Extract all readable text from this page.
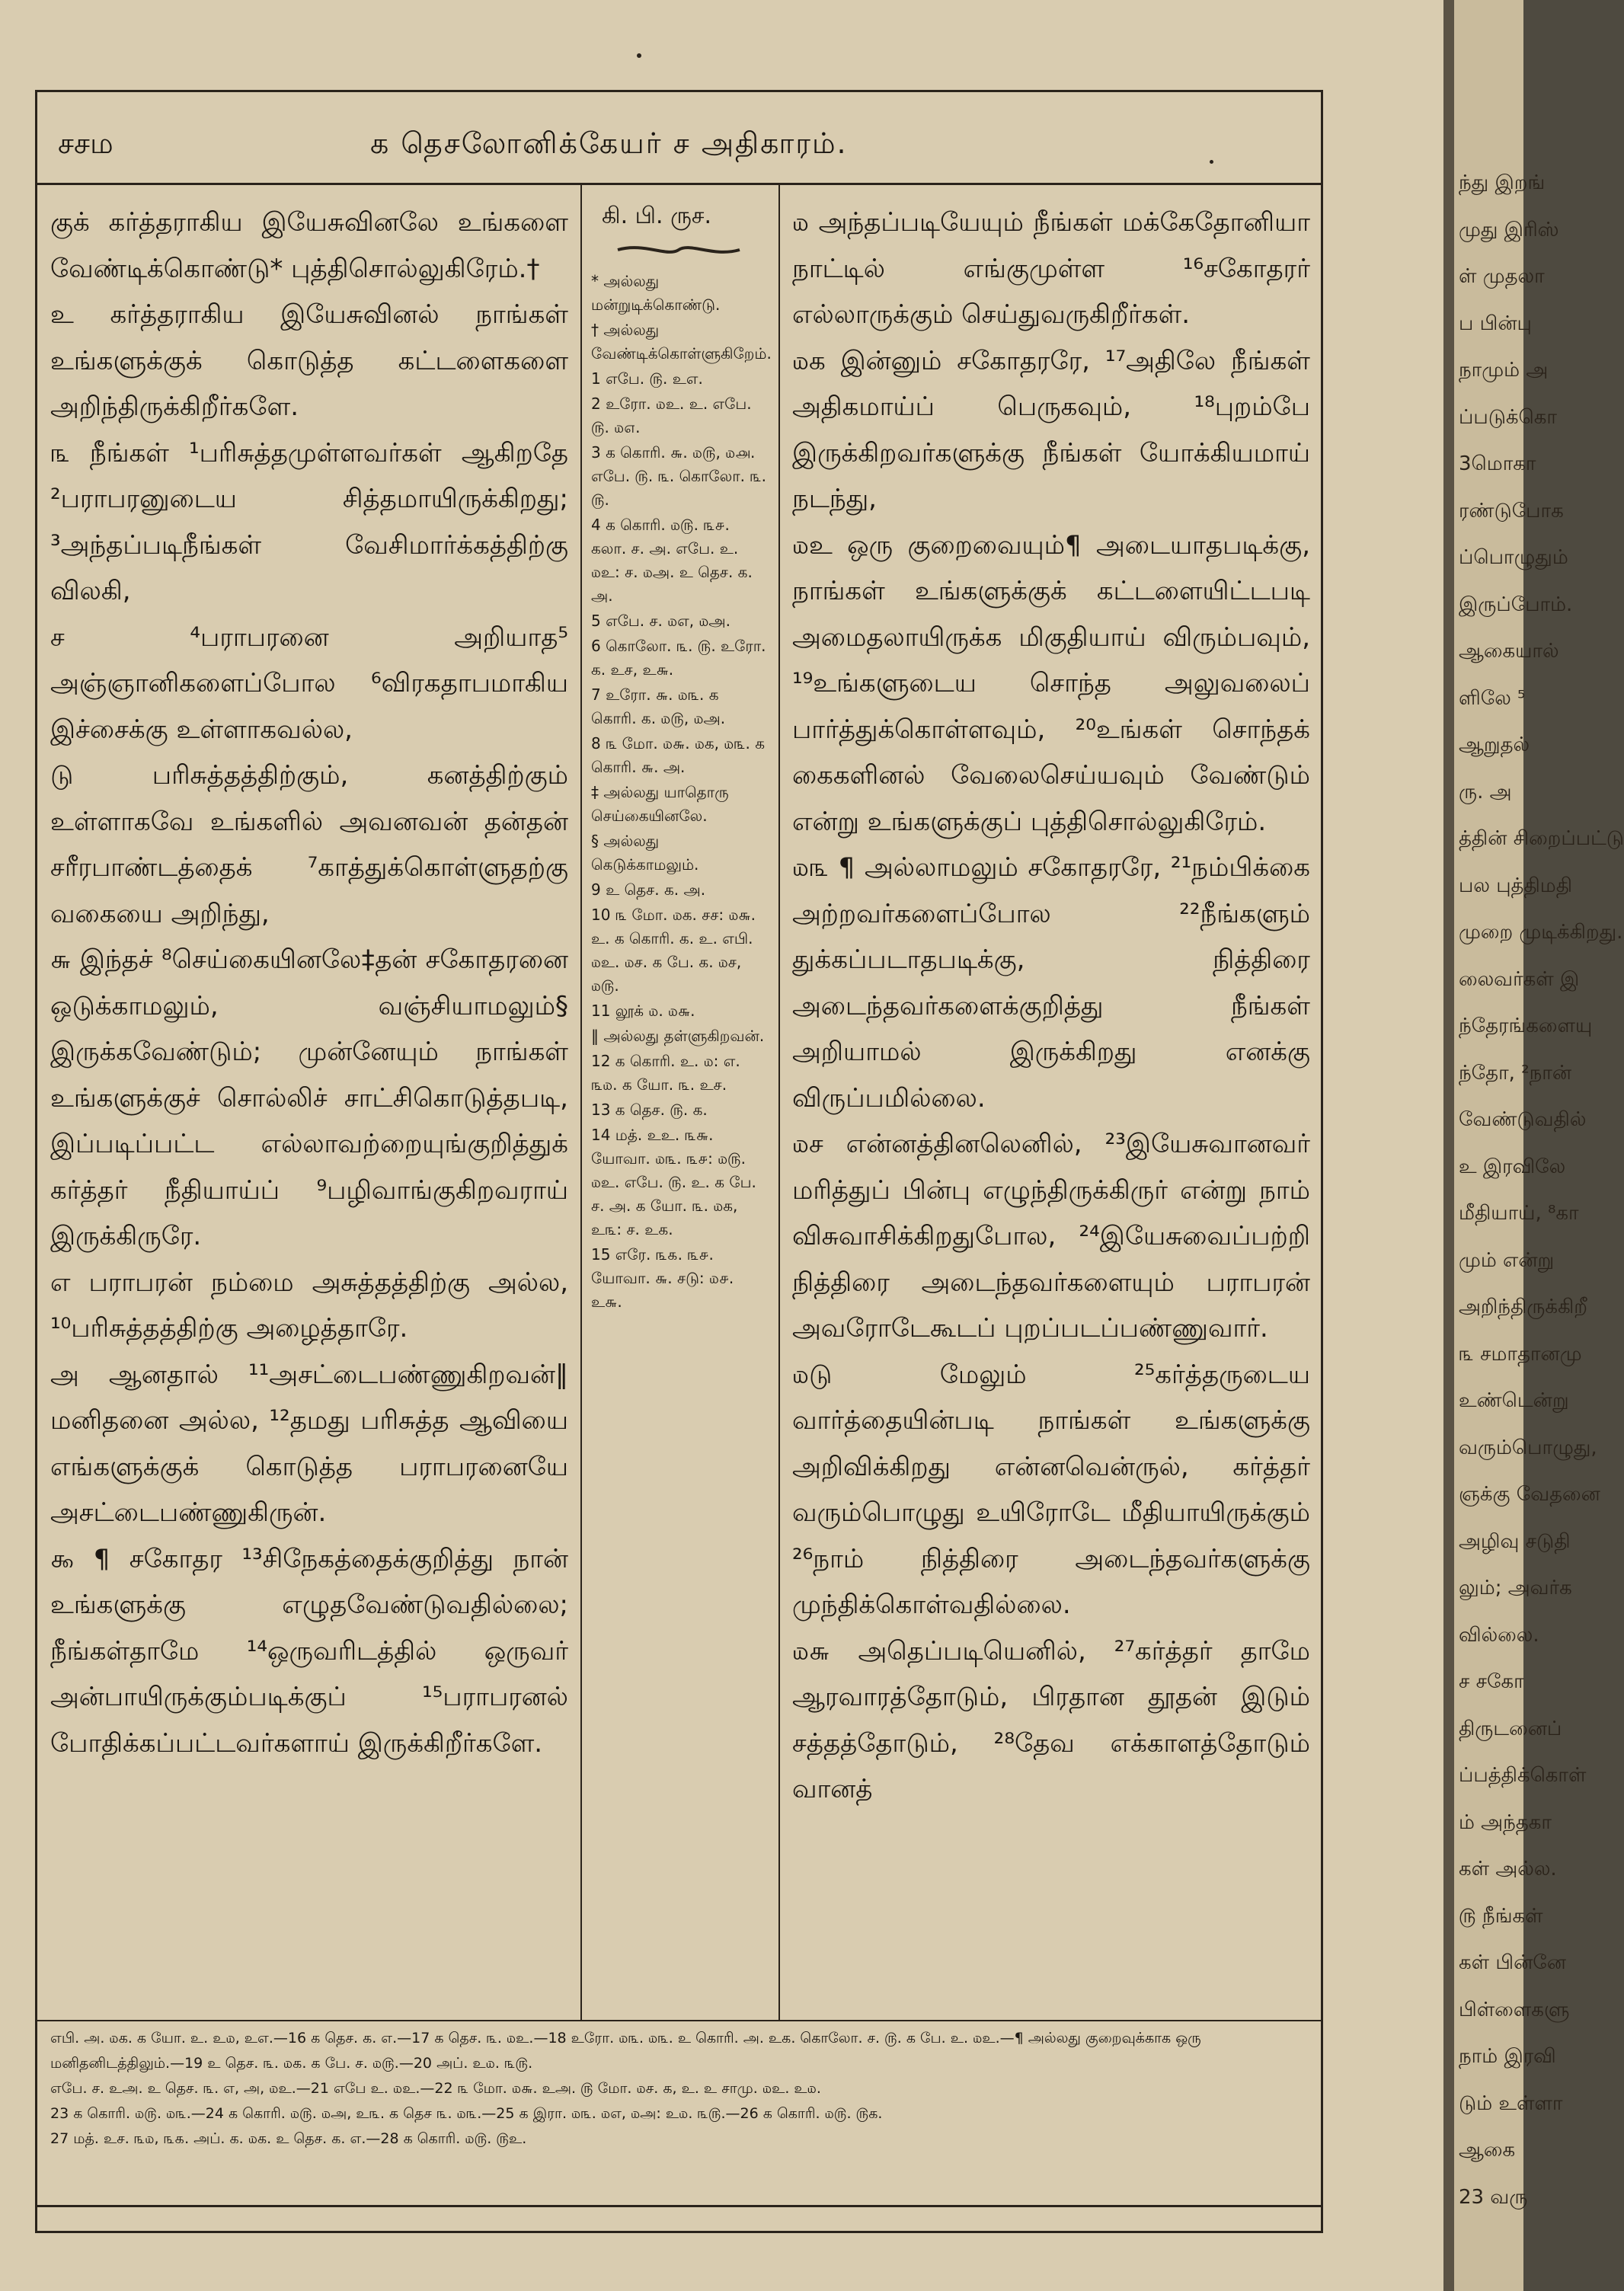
சசம	க தெசலோனிக்கேயர் ச அதிகாரம்.

குக் கர்த்தராகிய இயேசுவினலே உங்களை வேண்டிக்கொண்டு* புத்திசொல்லுகிரேம்.†

உ கர்த்தராகிய இயேசுவினல் நாங்கள் உங்களுக்குக் கொடுத்த கட்டளைகளை அறிந்திருக்கிறீர்களே.

௩ நீங்கள் ¹பரிசுத்தமுள்ளவர்கள் ஆகிறதே ²பராபரனுடைய சித்தமாயிருக்கிறது; ³அந்தப்படிநீங்கள் வேசிமார்க்கத்திற்கு விலகி,

ச ⁴பராபரனை அறியாத⁵ அஞ்ஞானிகளைப்போல ⁶விரகதாபமாகிய இச்சைக்கு உள்ளாகவல்ல,

டு பரிசுத்தத்திற்கும், கனத்திற்கும் உள்ளாகவே உங்களில் அவனவன் தன்தன் சரீரபாண்டத்தைக் ⁷காத்துக்கொள்ளுதற்கு வகையை அறிந்து,

௬ இந்தச் ⁸செய்கையினலே‡தன் சகோதரனை ஒடுக்காமலும், வஞ்சியாமலும்§ இருக்கவேண்டும்; முன்னேயும் நாங்கள் உங்களுக்குச் சொல்லிச் சாட்சிகொடுத்தபடி, இப்படிப்பட்ட எல்லாவற்றையுங்குறித்துக் கர்த்தர் நீதியாய்ப் ⁹பழிவாங்குகிறவராய் இருக்கிருரே.

எ பராபரன் நம்மை அசுத்தத்திற்கு அல்ல, ¹⁰பரிசுத்தத்திற்கு அழைத்தாரே.

அ ஆனதால் ¹¹அசட்டைபண்ணுகிறவன்‖ மனிதனை அல்ல, ¹²தமது பரிசுத்த ஆவியை எங்களுக்குக் கொடுத்த பராபரனையே அசட்டைபண்ணுகிருன்.

௯ ¶ சகோதர ¹³சிநேகத்தைக்குறித்து நான் உங்களுக்கு எழுதவேண்டுவதில்லை; நீங்கள்தாமே ¹⁴ஒருவரிடத்தில் ஒருவர் அன்பாயிருக்கும்படிக்குப் ¹⁵பராபரனல் போதிக்கப்பட்டவர்களாய் இருக்கிறீர்களே.

கி. பி. ருச.

* அல்லது மன்றுடிக்கொண்டு.

† அல்லது வேண்டிக்கொள்ளுகிறேம்.

1 எபே. ௫. உஎ.

2 உரோ. ௰உ. உ. எபே. ௫. ௰௭.

3 க கொரி. ௬. ௰௫, ௰௮. எபே. ௫. ௩. கொலோ. ௩. ௫.

4 க கொரி. ௰௫. ௩௪. கலா. ச. அ. எபே. உ. ௰உ: ச. ௰அ. உ தெச. க. அ.

5 எபே. ச. ௰எ, ௰அ.

6 கொலோ. ௩. ௫. உரோ. க. உச, உ௬.

7 உரோ. ௬. ௰௩. க கொரி. க. ௰௫, ௰அ.

8 ௩ மோ. ௰௬. ௰க, ௰௩. க கொரி. ௬. அ.

‡ அல்லது யாதொரு செய்கையினலே.

§ அல்லது கெடுக்காமலும்.

9 உ தெச. க. அ.

10 ௩ மோ. ௰க. சச: ௰௬. உ. க கொரி. க. உ. எபி. ௰உ. ௰ச. க பே. க. ௰ச, ௰௫.

11 லூக் ௰. ௰௬.

‖ அல்லது தள்ளுகிறவன்.

12 க கொரி. உ. ௰: எ. ௩௰. க யோ. ௩. உச.

13 க தெச. ௫. க.

14 மத். உஉ. ௩௬. யோவா. ௰௩. ௩௪: ௰௫. ௰உ. எபே. ௫. உ. க பே. ச. அ. க யோ. ௩. ௰க, உ௩: ச. உக.

15 எரே. ௩௧. ௩௪. யோவா. ௬. சடு: ௰௪. உ௬.

௰ அந்தப்படியேயும் நீங்கள் மக்கேதோனியா நாட்டில் எங்குமுள்ள ¹⁶சகோதரர் எல்லாருக்கும் செய்துவருகிறீர்கள்.

௰க இன்னும் சகோதரரே, ¹⁷அதிலே நீங்கள் அதிகமாய்ப் பெருகவும், ¹⁸புறம்பே இருக்கிறவர்களுக்கு நீங்கள் யோக்கியமாய் நடந்து,

௰உ ஒரு குறைவையும்¶ அடையாதபடிக்கு, நாங்கள் உங்களுக்குக் கட்டளையிட்டபடி அமைதலாயிருக்க மிகுதியாய் விரும்பவும், ¹⁹உங்களுடைய சொந்த அலுவலைப் பார்த்துக்கொள்ளவும், ²⁰உங்கள் சொந்தக் கைகளினல் வேலைசெய்யவும் வேண்டும் என்று உங்களுக்குப் புத்திசொல்லுகிரேம்.

௰௩ ¶ அல்லாமலும் சகோதரரே, ²¹நம்பிக்கை அற்றவர்களைப்போல ²²நீங்களும் துக்கப்படாதபடிக்கு, நித்திரை அடைந்தவர்களைக்குறித்து நீங்கள் அறியாமல் இருக்கிறது எனக்கு விருப்பமில்லை.

௰ச என்னத்தினலெனில், ²³இயேசுவானவர் மரித்துப் பின்பு எழுந்திருக்கிருர் என்று நாம் விசுவாசிக்கிறதுபோல, ²⁴இயேசுவைப்பற்றி நித்திரை அடைந்தவர்களையும் பராபரன் அவரோடேகூடப் புறப்படப்பண்ணுவார்.

௰டு மேலும் ²⁵கர்த்தருடைய வார்த்தையின்படி நாங்கள் உங்களுக்கு அறிவிக்கிறது என்னவென்ருல், கர்த்தர் வரும்பொழுது உயிரோடே மீதியாயிருக்கும் ²⁶நாம் நித்திரை அடைந்தவர்களுக்கு முந்திக்கொள்வதில்லை.

௰௬ அதெப்படியெனில், ²⁷கர்த்தர் தாமே ஆரவாரத்தோடும், பிரதான தூதன் இடும் சத்தத்தோடும், ²⁸தேவ எக்காளத்தோடும் வானத்

எபி. அ. ௰க. க யோ. உ. உ௰, உஎ.—16 க தெச. க. எ.—17 க தெச. ௩. ௰உ.—18 உரோ. ௰௩. ௰௩. உ கொரி. அ. உக. கொலோ. ச. ௫. க பே. உ. ௰உ.—¶ அல்லது குறைவுக்காக ஒரு மனிதனிடத்திலும்.—19 உ தெச. ௩. ௰க. க பே. ச. ௰௫.—20 அப். உ௰. ௩௫.

எபே. ச. உஅ. உ தெச. ௩. எ, அ, ௰உ.—21 எபே உ. ௰உ.—22 ௩ மோ. ௰௬. உஅ. ௫ மோ. ௰ச. க, உ. உ சாமு. ௰உ. உ௰.

23 க கொரி. ௰௫. ௰௩.—24 க கொரி. ௰௫. ௰அ, உ௩. க தெச ௩. ௰௩.—25 க இரா. ௰௩. ௰எ, ௰அ: உ௰. ௩௫.—26 க கொரி. ௰௫. ௫க.

27 மத். உச. ௩௰, ௩௧. அப். க. ௰க. உ தெச. க. எ.—28 க கொரி. ௰௫. ௫உ.

ந்து இறங்
முது இரிஸ்
ள் முதலா
ப பின்பு
நாமும் அ
ப்படுக்கொ
3மொகா
ரண்டுபோக
ப்பொழுதும்
இருப்போம்.
ஆகையால்
ளிலே ⁵
ஆறுதல்
ரு. அ
த்தின் சிறைப்பட்டு
பல புத்திமதி
முறை முடிக்கிறது.
லைவர்கள் இ
ந்தேரங்களையு
ந்தோ, ²நான்
வேண்டுவதில்
உ இரவிலே
மீதியாய், ⁸கா
மும் என்று
அறிந்திருக்கிறீ
௩ சமாதானமு
உண்டென்று
வரும்பொழுது,
ஞக்கு வேதனை
அழிவு சடுதி
லும்; அவர்க
வில்லை.
ச சகோ
திருடனைப்
ப்பத்திக்கொள்
ம் அந்தகா
கள் அல்ல.
௫ நீங்கள்
கள் பின்னே
பிள்ளைகளு
நாம் இரவி
டும் உள்ளா
ஆகை
23 வரு
